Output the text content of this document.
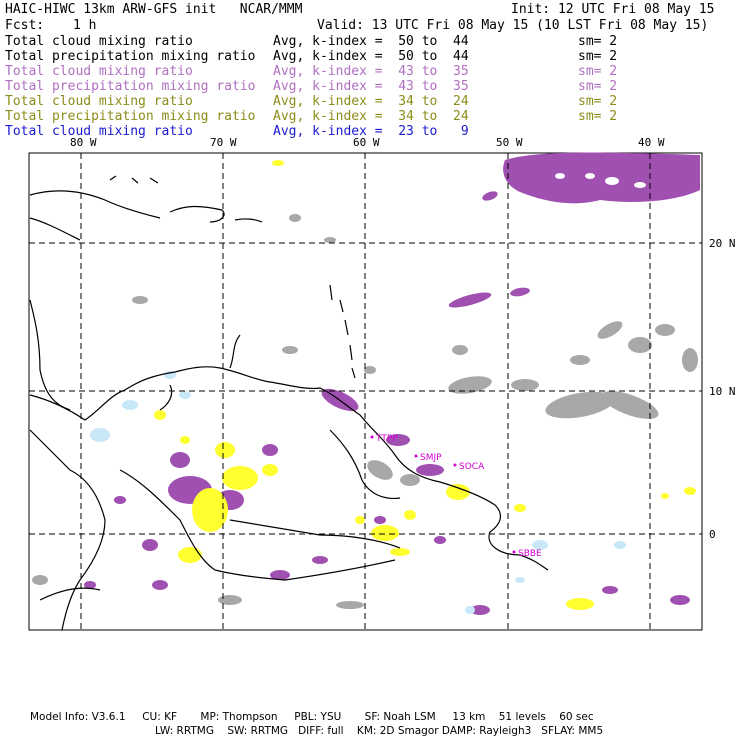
HAIC-HIWC 13km ARW-GFS init   NCAR/MMM	Init: 12 UTC Fri 08 May 15
Fcst: 1 h	Valid: 13 UTC Fri 08 May 15 (10 LST Fri 08 May 15)
Total cloud mixing ratio	Avg, k-index =  50 to  44	sm= 2
Total precipitation mixing ratio Avg, k-index =  50 to  44	sm= 2
Total cloud mixing ratio	Avg, k-index =  43 to  35	sm= 2
Total precipitation mixing ratio Avg, k-index =  43 to  35	sm= 2
Total cloud mixing ratio	Avg, k-index =  34 to  24	sm= 2
Total precipitation mixing ratio Avg, k-index =  34 to  24	sm= 2
Total cloud mixing ratio	Avg, k-index =  23 to   9
TTPP
SMJP
SOCA
SBBE
80 W	70 W	60 W	50 W	40 W
20 N
10 N
0
Model Info: V3.6.1     CU: KF       MP: Thompson     PBL: YSU       SF: Noah LSM     13 km    51 levels    60 sec
LW: RRTMG    SW: RRTMG   DIFF: full    KM: 2D Smagor DAMP: Rayleigh3   SFLAY: MM5
